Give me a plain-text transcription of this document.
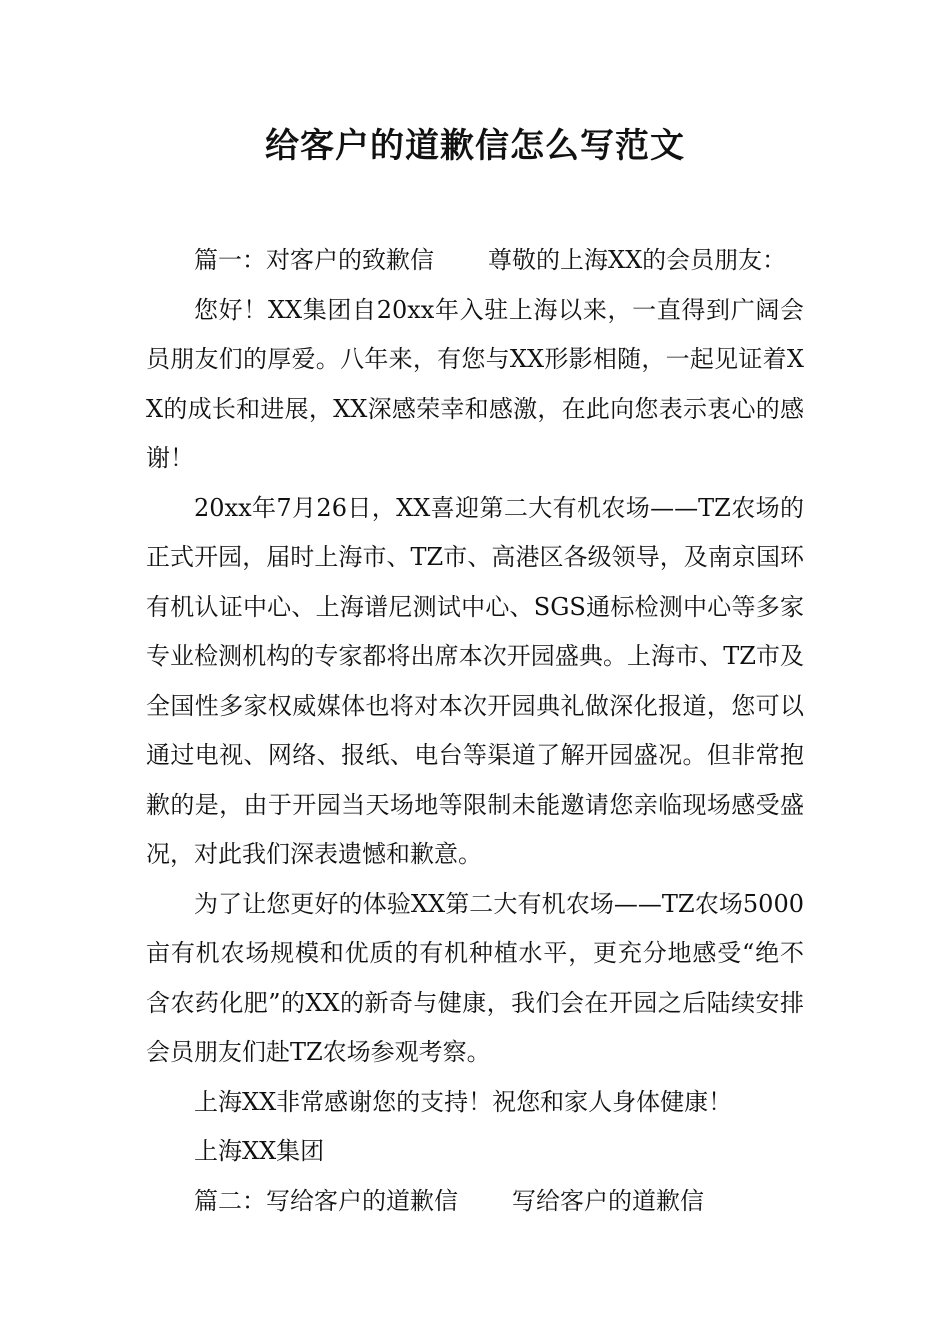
给客户的道歉信怎么写范文

篇一：对客户的致歉信 尊敬的上海XX的会员朋友：

您好！XX集团自20xx年入驻上海以来，一直得到广阔会员朋友们的厚爱。八年来，有您与XX形影相随，一起见证着XX的成长和进展，XX深感荣幸和感激，在此向您表示衷心的感谢！

20xx年7月26日，XX喜迎第二大有机农场——TZ农场的正式开园，届时上海市、TZ市、高港区各级领导，及南京国环有机认证中心、上海谱尼测试中心、SGS通标检测中心等多家专业检测机构的专家都将出席本次开园盛典。上海市、TZ市及全国性多家权威媒体也将对本次开园典礼做深化报道，您可以通过电视、网络、报纸、电台等渠道了解开园盛况。但非常抱歉的是，由于开园当天场地等限制未能邀请您亲临现场感受盛况，对此我们深表遗憾和歉意。

为了让您更好的体验XX第二大有机农场——TZ农场5000亩有机农场规模和优质的有机种植水平，更充分地感受“绝不含农药化肥”的XX的新奇与健康，我们会在开园之后陆续安排会员朋友们赴TZ农场参观考察。

上海XX非常感谢您的支持！祝您和家人身体健康！

上海XX集团

篇二：写给客户的道歉信 写给客户的道歉信
